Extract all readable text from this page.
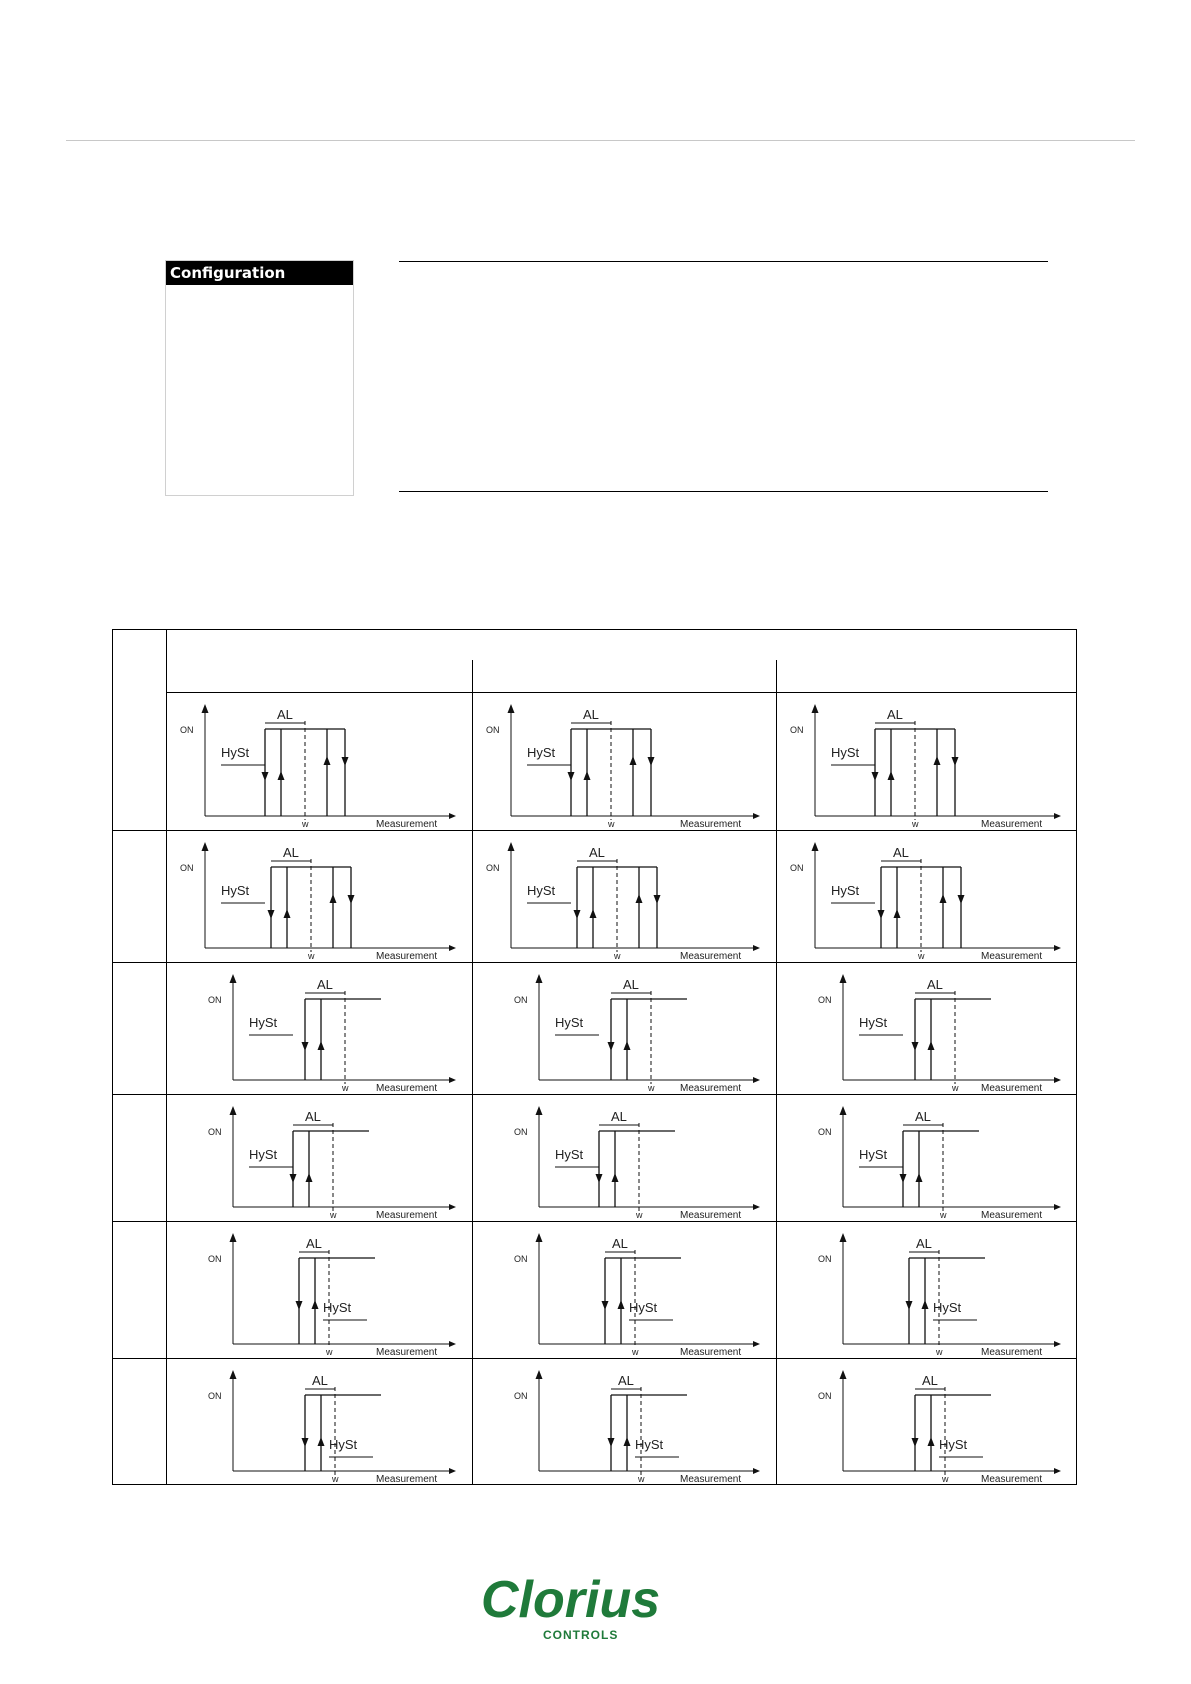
Configuration
ON
AL
HySt
w	Measurement
ON
AL
HySt
w	Measurement
ON
AL
HySt
w	Measurement
ON
AL
HySt
w	Measurement
ON
AL
HySt
w	Measurement
ON
AL
HySt
w	Measurement
ON
AL
HySt
w	Measurement
ON
AL
HySt
w	Measurement
ON
AL
HySt
w Measurement
ON
AL
HySt
w	Measurement
ON
AL
HySt
w	Measurement
ON
AL
HySt
w	Measurement
ON
AL
HySt
w	Measurement
ON
AL
HySt
w	Measurement
ON
AL
HySt
w	Measurement
ON
AL
HySt
w	Measurement
ON
AL
HySt
w	Measurement
ON
AL
HySt
w	Measurement
Clorius
CONTROLS
